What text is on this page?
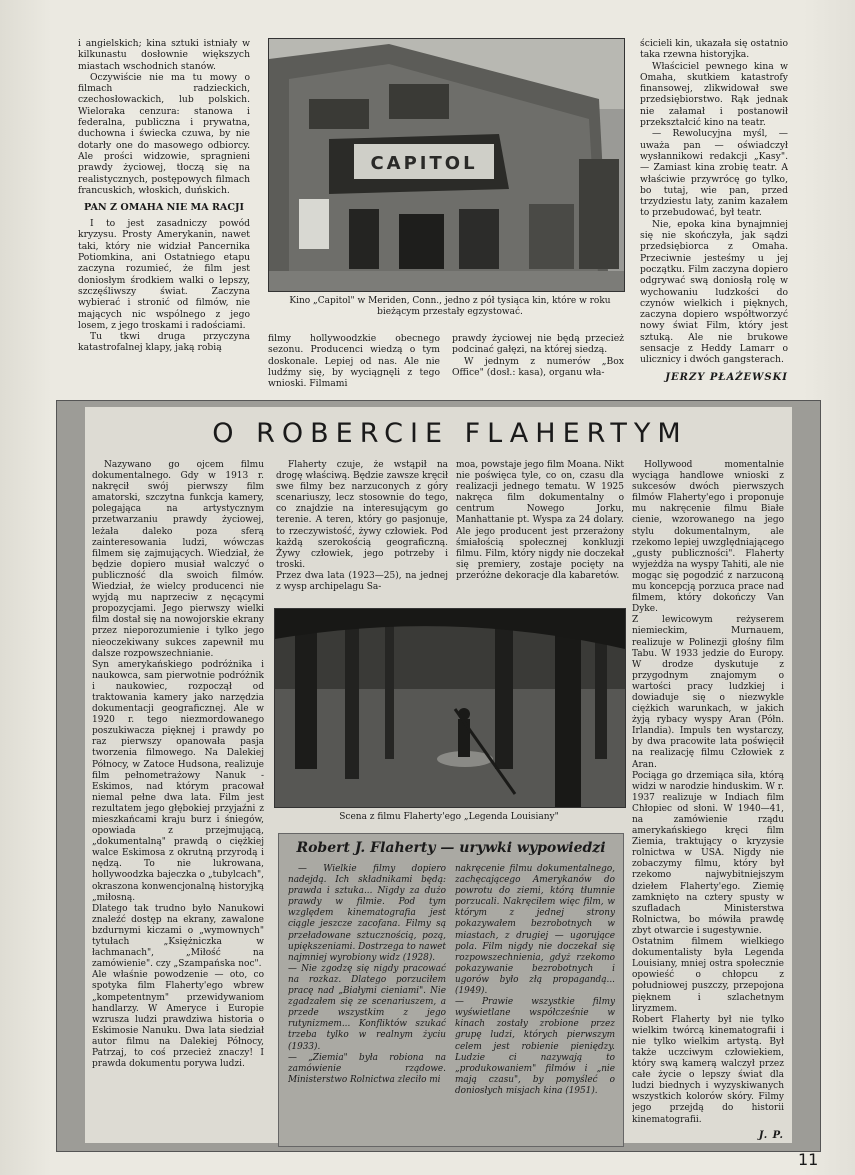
i angielskich; kina sztuki istniały w kilkunastu dosłownie większych miastach wschodnich stanów.

Oczywiście nie ma tu mowy o filmach radzieckich, czechosłowackich, lub polskich. Wieloraka cenzura: stanowa i federalna, publiczna i prywatna, duchowna i świecka czuwa, by nie dotarły one do masowego odbiorcy. Ale prości widzowie, spragnieni prawdy życiowej, tłoczą się na realistycznych, postępowych filmach francuskich, włoskich, duńskich.

PAN Z OMAHA NIE MA RACJI

I to jest zasadniczy powód kryzysu. Prosty Amerykanin, nawet taki, który nie widział Pancernika Potiomkina, ani Ostatniego etapu zaczyna rozumieć, że film jest doniosłym środkiem walki o lepszy, szczęśliwszy świat. Zaczyna wybierać i stronić od filmów, nie mających nic wspólnego z jego losem, z jego troskami i radościami.

Tu tkwi druga przyczyna katastrofalnej klapy, jaką robią

CAPITOL
Kino „Capitol" w Meriden, Conn., jedno z pół tysiąca kin, które w roku bieżącym przestały egzystować.

filmy hollywoodzkie obecnego sezonu. Producenci wiedzą o tym doskonale. Lepiej od nas. Ale nie ludźmy się, by wyciągnęli z tego wnioski. Filmami

prawdy życiowej nie będą przecież podcinać gałęzi, na której siedzą.

W jednym z numerów „Box Office" (dosł.: kasa), organu wła-

ścicieli kin, ukazała się ostatnio taka rzewna historyjka.

Właściciel pewnego kina w Omaha, skutkiem katastrofy finansowej, zlikwidował swe przedsiębiorstwo. Rąk jednak nie załamał i postanowił przekształcić kino na teatr.

— Rewolucyjna myśl, — uważa pan — oświadczył wysłannikowi redakcji „Kasy". — Zamiast kina zrobię teatr. A właściwie przywrócę go tylko, bo tutaj, wie pan, przed trzydziestu laty, zanim kazałem to przebudować, był teatr.

Nie, epoka kina bynajmniej się nie skończyła, jak sądzi przedsiębiorca z Omaha. Przeciwnie jesteśmy u jej początku. Film zaczyna dopiero odgrywać swą doniosłą rolę w wychowaniu ludzkości do czynów wielkich i pięknych, zaczyna dopiero współtworzyć nowy świat Film, który jest sztuką. Ale nie brukowe sensacje z Heddy Lamarr o ulicznicy i dwóch gangsterach.

JERZY PŁAŻEWSKI
O ROBERCIE FLAHERTYM

Nazywano go ojcem filmu dokumentalnego. Gdy w 1913 r. nakręcił swój pierwszy film amatorski, szczytna funkcja kamery, polegająca na artystycznym przetwarzaniu prawdy życiowej, leżała daleko poza sferą zainteresowania ludzi, wówczas filmem się zajmujących. Wiedział, że będzie dopiero musiał walczyć o publiczność dla swoich filmów. Wiedział, że wielcy producenci nie wyjdą mu naprzeciw z nęcącymi propozycjami. Jego pierwszy wielki film dostał się na nowojorskie ekrany przez nieporozumienie i tylko jego nieoczekiwany sukces zapewnił mu dalsze rozpowszechnianie.
Syn amerykańskiego podróżnika i naukowca, sam pierwotnie podróżnik i naukowiec, rozpoczął od traktowania kamery jako narzędzia dokumentacji geograficznej. Ale w 1920 r. tego niezmordowanego poszukiwacza pięknej i prawdy po raz pierwszy opanowała pasja tworzenia filmowego. Na Dalekiej Północy, w Zatoce Hudsona, realizuje film pełnometrażowy Nanuk - Eskimos, nad którym pracował niemal pełne dwa lata. Film jest rezultatem jego głębokiej przyjaźni z mieszkańcami kraju burz i śniegów, opowiada z przejmującą, „dokumentalną" prawdą o ciężkiej walce Eskimosa z okrutną przyrodą i nędzą. To nie lukrowana, hollywoodzka bajeczka o „tubylcach", okraszona konwencjonalną historyjką „miłosną.
Dlatego tak trudno było Nanukowi znaleźć dostęp na ekrany, zawalone bzdurnymi kiczami o „wymownych" tytułach „Księżniczka w łachmanach", „Miłość na zamówienie". czy „Szampańska noc".
Ale właśnie powodzenie — oto, co spotyka film Flaherty'ego wbrew „kompetentnym" przewidywaniom handlarzy. W Ameryce i Europie wzrusza ludzi prawdziwa historia o Eskimosie Nanuku. Dwa lata siedział autor filmu na Dalekiej Północy, Patrzaj, to coś przecież znaczy! I prawda dokumentu porywa ludzi.

Flaherty czuje, że wstąpił na drogę właściwą. Będzie zawsze kręcił swe filmy bez narzuconych z góry scenariuszy, lecz stosownie do tego, co znajdzie na interesującym go terenie. A teren, który go pasjonuje, to rzeczywistość, żywy człowiek. Pod każdą szerokością geograficzną. Żywy człowiek, jego potrzeby i troski.
Przez dwa lata (1923—25), na jednej z wysp archipelagu Sa-

moa, powstaje jego film Moana. Nikt nie poświęca tyle, co on, czasu dla realizacji jednego tematu. W 1925 nakręca film dokumentalny o centrum Nowego Jorku, Manhattanie pt. Wyspa za 24 dolary. Ale jego producent jest przerażony śmiałością społecznej konkluzji filmu. Film, który nigdy nie doczekał się premiery, zostaje pocięty na przeróżne dekoracje dla kabaretów.

Hollywood momentalnie wyciąga handlowe wnioski z sukcesów dwóch pierwszych filmów Flaherty'ego i proponuje mu nakręcenie filmu Białe cienie, wzorowanego na jego stylu dokumentalnym, ale rzekomo lepiej uwzględniającego „gusty publiczności". Flaherty wyjeżdża na wyspy Tahiti, ale nie mogąc się pogodzić z narzuconą mu koncepcją porzuca prace nad filmem, który dokończy Van Dyke.
Z lewicowym reżyserem niemieckim, Murnauem, realizuje w Polinezji głośny film Tabu. W 1933 jedzie do Europy. W drodze dyskutuje z przygodnym znajomym o wartości pracy ludzkiej i dowiaduje się o niezwykle ciężkich warunkach, w jakich żyją rybacy wyspy Aran (Półn. Irlandia). Impuls ten wystarczy, by dwa pracowite lata poświęcił na realizację filmu Człowiek z Aran.
Pociąga go drzemiąca siła, którą widzi w narodzie hinduskim. W r. 1937 realizuje w Indiach film Chłopiec od słoni. W 1940—41, na zamówienie rządu amerykańskiego kręci film Ziemia, traktujący o kryzysie rolnictwa w USA. Nigdy nie zobaczymy filmu, który był rzekomo najwybitniejszym dziełem Flaherty'ego. Ziemię zamknięto na cztery spusty w szufladach Ministerstwa Rolnictwa, bo mówiła prawdę zbyt otwarcie i sugestywnie.
Ostatnim filmem wielkiego dokumentalisty była Legenda Louisiany, mniej ostra społecznie opowieść o chłopcu z południowej puszczy, przepojona pięknem i szlachetnym liryzmem.
Robert Flaherty był nie tylko wielkim twórcą kinematografii i nie tylko wielkim artystą. Był także uczciwym człowiekiem, który swą kamerą walczył przez całe życie o lepszy świat dla ludzi biednych i wyzyskiwanych wszystkich kolorów skóry. Filmy jego przejdą do historii kinematografii.

J. P.
Scena z filmu Flaherty'ego „Legenda Louisiany"
Robert J. Flaherty — urywki wypowiedzi

— Wielkie filmy dopiero nadejdą. Ich składnikami będą: prawda i sztuka... Nigdy za dużo prawdy w filmie. Pod tym względem kinematografia jest ciągle jeszcze zacofana. Filmy są przeładowane sztucznością, pozą, upiększeniami. Dostrzega to nawet najmniej wyrobiony widz (1928).
— Nie zgodzę się nigdy pracować na rozkaz. Dlatego porzuciłem pracę nad „Białymi cieniami". Nie zgadzałem się ze scenariuszem, a przede wszystkim z jego rutynizmem... Konfliktów szukać trzeba tylko w realnym życiu (1933).
— „Ziemia" była robiona na zamówienie rządowe. Ministerstwo Rolnictwa zleciło mi

nakręcenie filmu dokumentalnego, zachęcającego Amerykanów do powrotu do ziemi, którą tłumnie porzucali. Nakręciłem więc film, w którym z jednej strony pokazywałem bezrobotnych w miastach, z drugiej — ugorujące pola. Film nigdy nie doczekał się rozpowszechnienia, gdyż rzekomo pokazywanie bezrobotnych i ugorów było złą propagandą... (1949).
— Prawie wszystkie filmy wyświetlane współcześnie w kinach zostały zrobione przez grupę ludzi, których pierwszym celem jest robienie pieniędzy. Ludzie ci nazywają to „produkowaniem" filmów i „nie mają czasu", by pomyśleć o doniosłych misjach kina (1951).

11
